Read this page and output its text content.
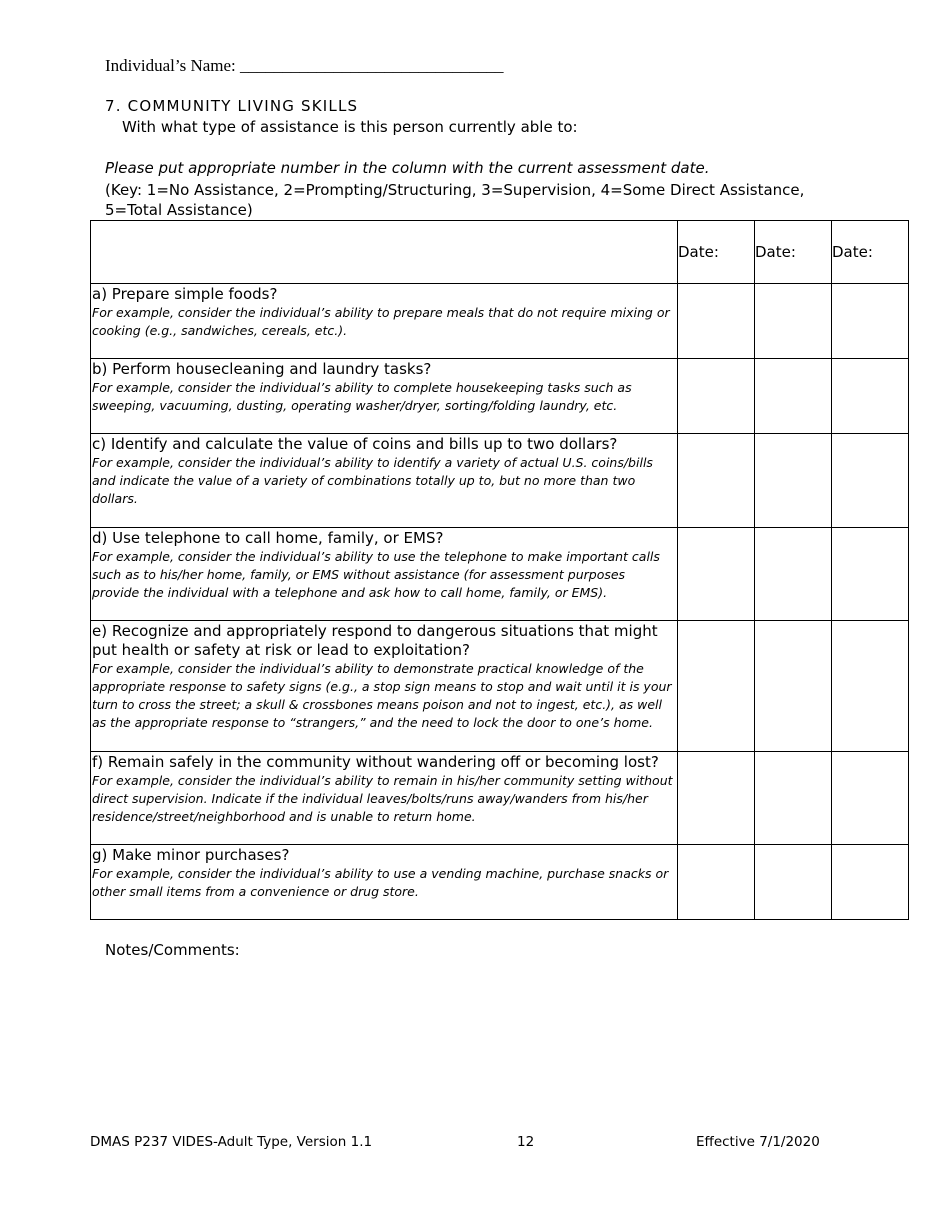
Individual’s Name: _______________________________
7. COMMUNITY LIVING SKILLS
With what type of assistance is this person currently able to:
Please put appropriate number in the column with the current assessment date.
(Key: 1=No Assistance, 2=Prompting/Structuring, 3=Supervision, 4=Some Direct Assistance, 5=Total Assistance)
	Date:	Date:	Date:

a) Prepare simple foods?
For example, consider the individual’s ability to prepare meals that do not require mixing or cooking (e.g., sandwiches, cereals, etc.).			

b) Perform housecleaning and laundry tasks?
For example, consider the individual’s ability to complete housekeeping tasks such as sweeping, vacuuming, dusting, operating washer/dryer, sorting/folding laundry, etc.			

c) Identify and calculate the value of coins and bills up to two dollars?
For example, consider the individual’s ability to identify a variety of actual U.S. coins/bills and indicate the value of a variety of combinations totally up to, but no more than two dollars.			

d) Use telephone to call home, family, or EMS?
For example, consider the individual’s ability to use the telephone to make important calls such as to his/her home, family, or EMS without assistance (for assessment purposes provide the individual with a telephone and ask how to call home, family, or EMS).			

e) Recognize and appropriately respond to dangerous situations that might put health or safety at risk or lead to exploitation?
For example, consider the individual’s ability to demonstrate practical knowledge of the appropriate response to safety signs (e.g., a stop sign means to stop and wait until it is your turn to cross the street; a skull & crossbones means poison and not to ingest, etc.), as well as the appropriate response to “strangers,” and the need to lock the door to one’s home.			

f) Remain safely in the community without wandering off or becoming lost?
For example, consider the individual’s ability to remain in his/her community setting without direct supervision. Indicate if the individual leaves/bolts/runs away/wanders from his/her residence/street/neighborhood and is unable to return home.			

g) Make minor purchases?
For example, consider the individual’s ability to use a vending machine, purchase snacks or other small items from a convenience or drug store.			

Notes/Comments:
DMAS P237 VIDES-Adult Type, Version 1.1	12	Effective 7/1/2020
